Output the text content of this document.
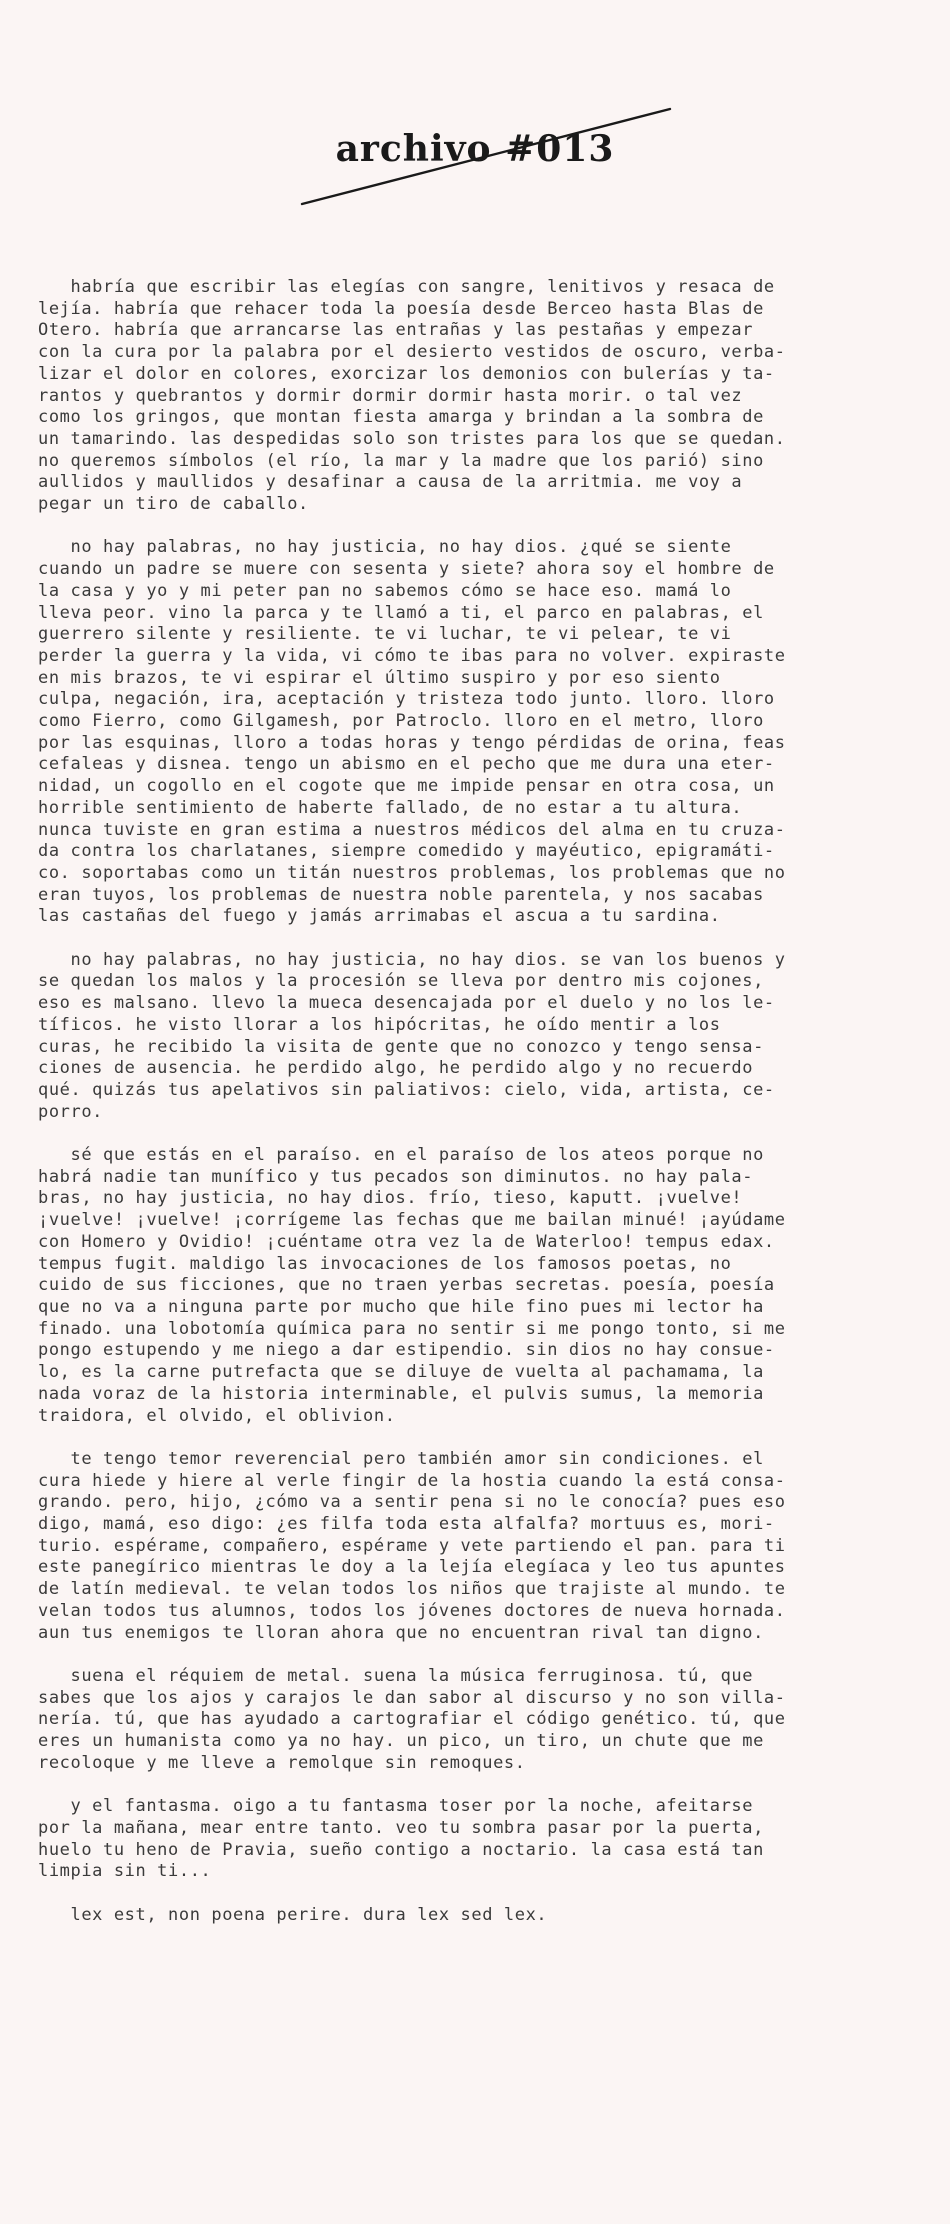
archivo #013
habría que escribir las elegías con sangre, lenitivos y resaca de
lejía. habría que rehacer toda la poesía desde Berceo hasta Blas de
Otero. habría que arrancarse las entrañas y las pestañas y empezar
con la cura por la palabra por el desierto vestidos de oscuro, verba-
lizar el dolor en colores, exorcizar los demonios con bulerías y ta-
rantos y quebrantos y dormir dormir dormir hasta morir. o tal vez
como los gringos, que montan fiesta amarga y brindan a la sombra de
un tamarindo. las despedidas solo son tristes para los que se quedan.
no queremos símbolos (el río, la mar y la madre que los parió) sino
aullidos y maullidos y desafinar a causa de la arritmia. me voy a
pegar un tiro de caballo.
no hay palabras, no hay justicia, no hay dios. ¿qué se siente
cuando un padre se muere con sesenta y siete? ahora soy el hombre de
la casa y yo y mi peter pan no sabemos cómo se hace eso. mamá lo
lleva peor. vino la parca y te llamó a ti, el parco en palabras, el
guerrero silente y resiliente. te vi luchar, te vi pelear, te vi
perder la guerra y la vida, vi cómo te ibas para no volver. expiraste
en mis brazos, te vi espirar el último suspiro y por eso siento
culpa, negación, ira, aceptación y tristeza todo junto. lloro. lloro
como Fierro, como Gilgamesh, por Patroclo. lloro en el metro, lloro
por las esquinas, lloro a todas horas y tengo pérdidas de orina, feas
cefaleas y disnea. tengo un abismo en el pecho que me dura una eter-
nidad, un cogollo en el cogote que me impide pensar en otra cosa, un
horrible sentimiento de haberte fallado, de no estar a tu altura.
nunca tuviste en gran estima a nuestros médicos del alma en tu cruza-
da contra los charlatanes, siempre comedido y mayéutico, epigramáti-
co. soportabas como un titán nuestros problemas, los problemas que no
eran tuyos, los problemas de nuestra noble parentela, y nos sacabas
las castañas del fuego y jamás arrimabas el ascua a tu sardina.
no hay palabras, no hay justicia, no hay dios. se van los buenos y
se quedan los malos y la procesión se lleva por dentro mis cojones,
eso es malsano. llevo la mueca desencajada por el duelo y no los le-
tíficos. he visto llorar a los hipócritas, he oído mentir a los
curas, he recibido la visita de gente que no conozco y tengo sensa-
ciones de ausencia. he perdido algo, he perdido algo y no recuerdo
qué. quizás tus apelativos sin paliativos: cielo, vida, artista, ce-
porro.
sé que estás en el paraíso. en el paraíso de los ateos porque no
habrá nadie tan munífico y tus pecados son diminutos. no hay pala-
bras, no hay justicia, no hay dios. frío, tieso, kaputt. ¡vuelve!
¡vuelve! ¡vuelve! ¡corrígeme las fechas que me bailan minué! ¡ayúdame
con Homero y Ovidio! ¡cuéntame otra vez la de Waterloo! tempus edax.
tempus fugit. maldigo las invocaciones de los famosos poetas, no
cuido de sus ficciones, que no traen yerbas secretas. poesía, poesía
que no va a ninguna parte por mucho que hile fino pues mi lector ha
finado. una lobotomía química para no sentir si me pongo tonto, si me
pongo estupendo y me niego a dar estipendio. sin dios no hay consue-
lo, es la carne putrefacta que se diluye de vuelta al pachamama, la
nada voraz de la historia interminable, el pulvis sumus, la memoria
traidora, el olvido, el oblivion.
te tengo temor reverencial pero también amor sin condiciones. el
cura hiede y hiere al verle fingir de la hostia cuando la está consa-
grando. pero, hijo, ¿cómo va a sentir pena si no le conocía? pues eso
digo, mamá, eso digo: ¿es filfa toda esta alfalfa? mortuus es, mori-
turio. espérame, compañero, espérame y vete partiendo el pan. para ti
este panegírico mientras le doy a la lejía elegíaca y leo tus apuntes
de latín medieval. te velan todos los niños que trajiste al mundo. te
velan todos tus alumnos, todos los jóvenes doctores de nueva hornada.
aun tus enemigos te lloran ahora que no encuentran rival tan digno.
suena el réquiem de metal. suena la música ferruginosa. tú, que
sabes que los ajos y carajos le dan sabor al discurso y no son villa-
nería. tú, que has ayudado a cartografiar el código genético. tú, que
eres un humanista como ya no hay. un pico, un tiro, un chute que me
recoloque y me lleve a remolque sin remoques.
y el fantasma. oigo a tu fantasma toser por la noche, afeitarse
por la mañana, mear entre tanto. veo tu sombra pasar por la puerta,
huelo tu heno de Pravia, sueño contigo a noctario. la casa está tan
limpia sin ti...
lex est, non poena perire. dura lex sed lex.
